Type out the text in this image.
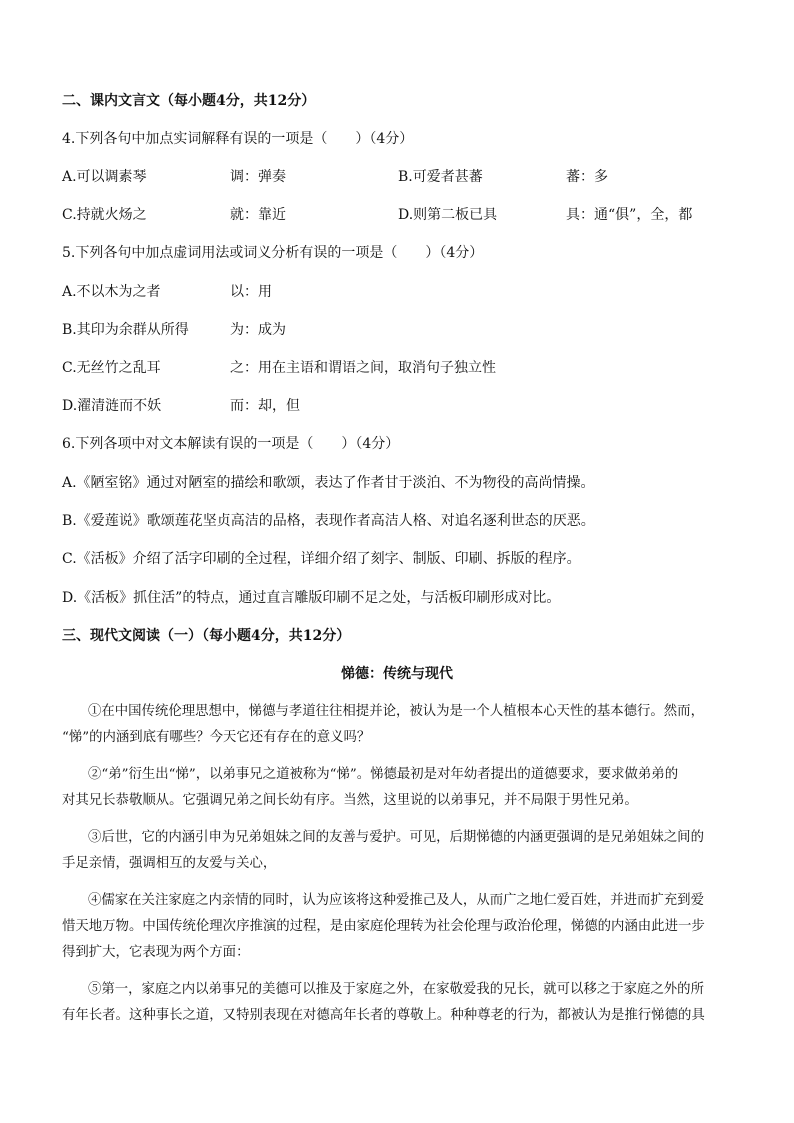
二、课内文言文（每小题4分，共12分）
4.下列各句中加点实词解释有误的一项是（　　）（4分）
A.可以调素琴	调：弹奏	B.可爱者甚蕃	蕃：多
C.持就火炀之	就：靠近	D.则第二板已具	具：通“俱”，全，都
5.下列各句中加点虚词用法或词义分析有误的一项是（　　）（4分）
A.不以木为之者	以：用
B.其印为余群从所得	为：成为
C.无丝竹之乱耳	之：用在主语和谓语之间，取消句子独立性
D.濯清涟而不妖	而：却，但
6.下列各项中对文本解读有误的一项是（　　）（4分）
A.《陋室铭》通过对陋室的描绘和歌颂，表达了作者甘于淡泊、不为物役的高尚情操。
B.《爱莲说》歌颂莲花坚贞高洁的品格，表现作者高洁人格、对追名逐利世态的厌恶。
C.《活板》介绍了活字印刷的全过程，详细介绍了刻字、制版、印刷、拆版的程序。
D.《活板》抓住活”的特点，通过直言雕版印刷不足之处，与活板印刷形成对比。
三、现代文阅读（一）（每小题4分，共12分）
悌德：传统与现代
①在中国传统伦理思想中，悌德与孝道往往相提并论，被认为是一个人植根本心天性的基本德行。然而，
“悌”的内涵到底有哪些？今天它还有存在的意义吗？
②“弟”衍生出“悌”，以弟事兄之道被称为“悌”。悌德最初是对年幼者提出的道德要求，要求做弟弟的
对其兄长恭敬顺从。它强调兄弟之间长幼有序。当然，这里说的以弟事兄，并不局限于男性兄弟。
③后世，它的内涵引申为兄弟姐妹之间的友善与爱护。可见，后期悌德的内涵更强调的是兄弟姐妹之间的
手足亲情，强调相互的友爱与关心，
④儒家在关注家庭之内亲情的同时，认为应该将这种爱推己及人，从而广之地仁爱百姓，并进而扩充到爱
惜天地万物。中国传统伦理次序推演的过程，是由家庭伦理转为社会伦理与政治伦理，悌德的内涵由此进一步
得到扩大，它表现为两个方面：
⑤第一，家庭之内以弟事兄的美德可以推及于家庭之外，在家敬爱我的兄长，就可以移之于家庭之外的所
有年长者。这种事长之道，又特别表现在对德高年长者的尊敬上。种种尊老的行为，都被认为是推行悌德的具
